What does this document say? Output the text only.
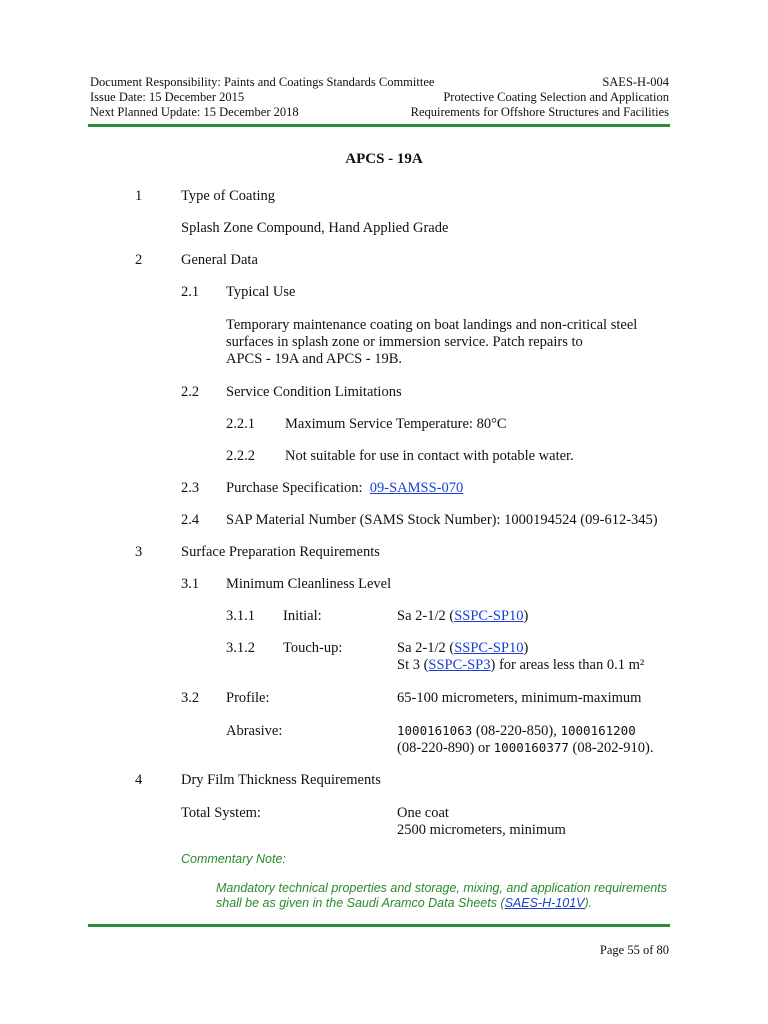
Document Responsibility: Paints and Coatings Standards Committee
Issue Date: 15 December 2015
Next Planned Update: 15 December 2018
SAES-H-004
Protective Coating Selection and Application
Requirements for Offshore Structures and Facilities
APCS - 19A
1	Type of Coating
Splash Zone Compound, Hand Applied Grade
2	General Data
2.1 Typical Use
Temporary maintenance coating on boat landings and non-critical steel
surfaces in splash zone or immersion service. Patch repairs to
APCS - 19A and APCS - 19B.
2.2 Service Condition Limitations
2.2.1 Maximum Service Temperature: 80°C
2.2.2 Not suitable for use in contact with potable water.
2.3 Purchase Specification:  09-SAMSS-070
2.4 SAP Material Number (SAMS Stock Number): 1000194524 (09-612-345)
3	Surface Preparation Requirements
3.1 Minimum Cleanliness Level
3.1.1 Initial:	Sa 2-1/2 (SSPC-SP10)
3.1.2 Touch-up:	Sa 2-1/2 (SSPC-SP10)
St 3 (SSPC-SP3) for areas less than 0.1 m²
3.2 Profile:	65-100 micrometers, minimum-maximum
Abrasive:	1000161063 (08-220-850), 1000161200
(08-220-890) or 1000160377 (08-202-910).
4	Dry Film Thickness Requirements
Total System:	One coat
2500 micrometers, minimum
Commentary Note:
Mandatory technical properties and storage, mixing, and application requirements
shall be as given in the Saudi Aramco Data Sheets (SAES-H-101V).
Page 55 of 80
